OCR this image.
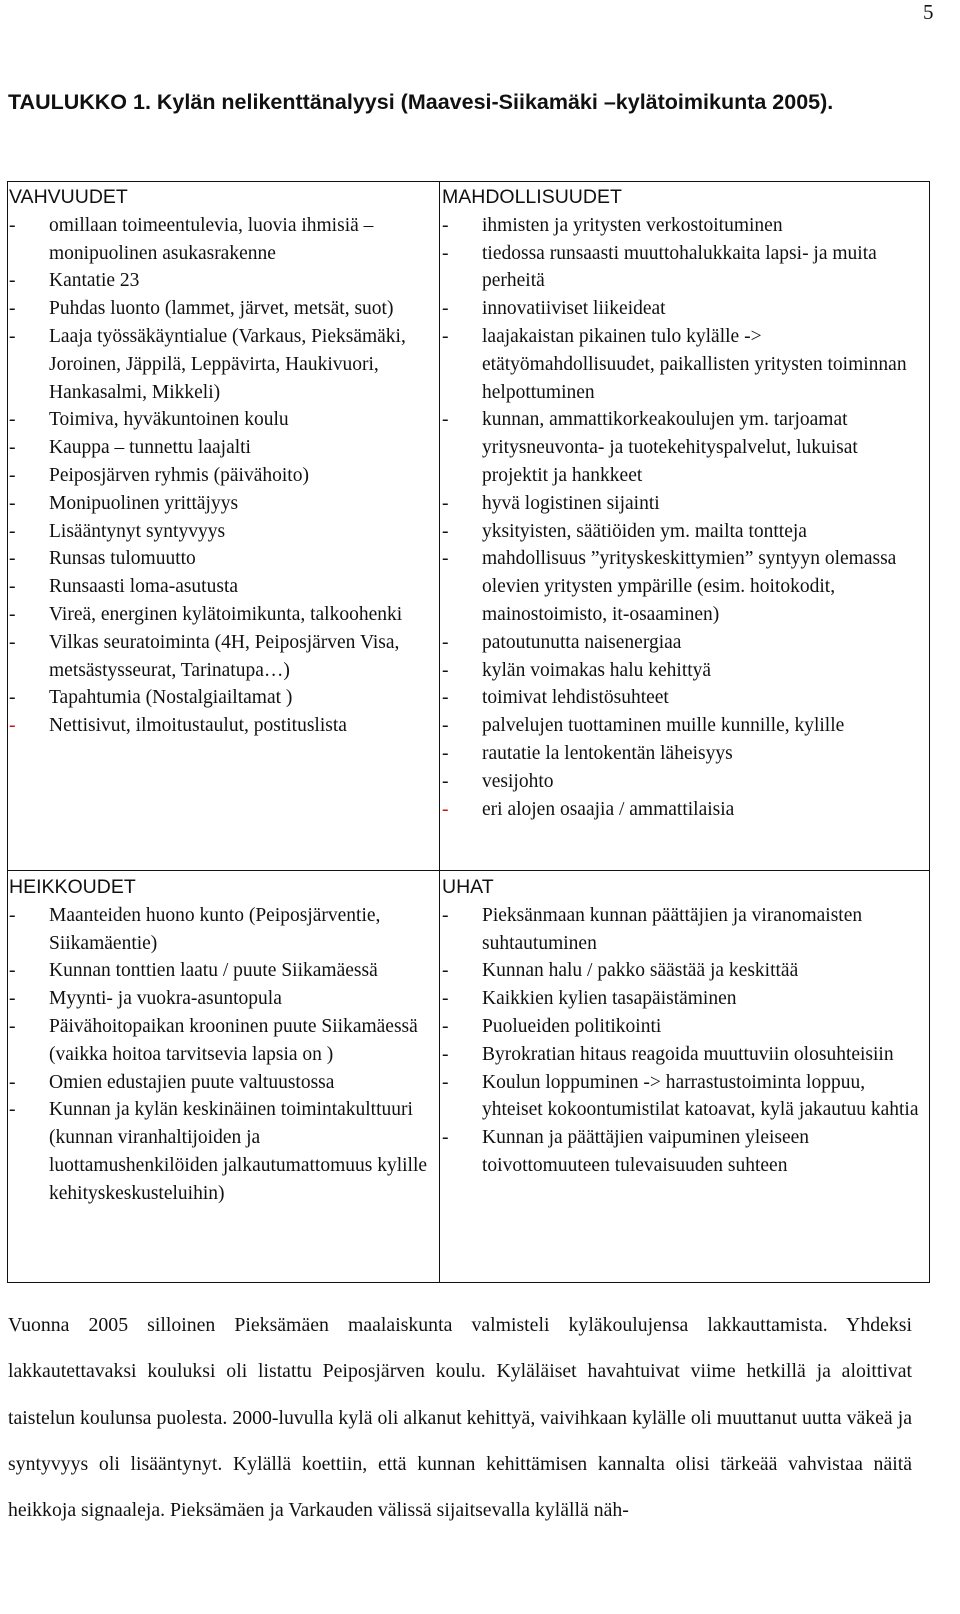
5
TAULUKKO 1. Kylän nelikenttänalyysi (Maavesi-Siikamäki –kylätoimikunta 2005).
VAHVUUDET
- omillaan toimeentulevia, luovia ihmisiä – monipuolinen asukasrakenne
- Kantatie 23
- Puhdas luonto (lammet, järvet, metsät, suot)
- Laaja työssäkäyntialue (Varkaus, Pieksämäki, Joroinen, Jäppilä, Leppävirta, Haukivuori, Hankasalmi, Mikkeli)
- Toimiva, hyväkuntoinen koulu
- Kauppa – tunnettu laajalti
- Peiposjärven ryhmis (päivähoito)
- Monipuolinen yrittäjyys
- Lisääntynyt syntyvyys
- Runsas tulomuutto
- Runsaasti loma-asutusta
- Vireä, energinen kylätoimikunta, talkoohenki
- Vilkas seuratoiminta (4H, Peiposjärven Visa, metsästysseurat, Tarinatupa…)
- Tapahtumia (Nostalgiailtamat )
- Nettisivut, ilmoitustaulut, postituslista
MAHDOLLISUUDET
- ihmisten ja yritysten verkostoituminen
- tiedossa runsaasti muuttohalukkaita lapsi- ja muita perheitä
- innovatiiviset liikeideat
- laajakaistan pikainen tulo kylälle -> etätyömahdollisuudet, paikallisten yritysten toiminnan helpottuminen
- kunnan, ammattikorkeakoulujen ym. tarjoamat yritysneuvonta- ja tuotekehityspalvelut, lukuisat projektit ja hankkeet
- hyvä logistinen sijainti
- yksityisten, säätiöiden ym. mailta tontteja
- mahdollisuus ”yrityskeskittymien” syntyyn olemassa olevien yritysten ympärille (esim. hoitokodit, mainostoimisto, it-osaaminen)
- patoutunutta naisenergiaa
- kylän voimakas halu kehittyä
- toimivat lehdistösuhteet
- palvelujen tuottaminen muille kunnille, kylille
- rautatie la lentokentän läheisyys
- vesijohto
- eri alojen osaajia / ammattilaisia
HEIKKOUDET
- Maanteiden huono kunto (Peiposjärventie, Siikamäentie)
- Kunnan tonttien laatu / puute Siikamäessä
- Myynti- ja vuokra-asuntopula
- Päivähoitopaikan krooninen puute Siikamäessä (vaikka hoitoa tarvitsevia lapsia on )
- Omien edustajien puute valtuustossa
- Kunnan ja kylän keskinäinen toimintakulttuuri (kunnan viranhaltijoiden ja luottamushenkilöiden jalkautumattomuus kylille kehityskeskusteluihin)
UHAT
- Pieksänmaan kunnan päättäjien ja viranomaisten suhtautuminen
- Kunnan halu / pakko säästää ja keskittää
- Kaikkien kylien tasapäistäminen
- Puolueiden politikointi
- Byrokratian hitaus reagoida muuttuviin olosuhteisiin
- Koulun loppuminen -> harrastustoiminta loppuu, yhteiset kokoontumistilat katoavat, kylä jakautuu kahtia
- Kunnan ja päättäjien vaipuminen yleiseen toivottomuuteen tulevaisuuden suhteen
Vuonna 2005 silloinen Pieksämäen maalaiskunta valmisteli kyläkoulujensa lakkauttamista. Yhdeksi lakkautettavaksi kouluksi oli listattu Peiposjärven koulu. Kyläläiset havahtuivat viime hetkillä ja aloittivat taistelun koulunsa puolesta. 2000-luvulla kylä oli alkanut kehittyä, vaivihkaan kylälle oli muuttanut uutta väkeä ja syntyvyys oli lisääntynyt. Kylällä koettiin, että kunnan kehittämisen kannalta olisi tärkeää vahvistaa näitä heikkoja signaaleja. Pieksämäen ja Varkauden välissä sijaitsevalla kylällä näh-
